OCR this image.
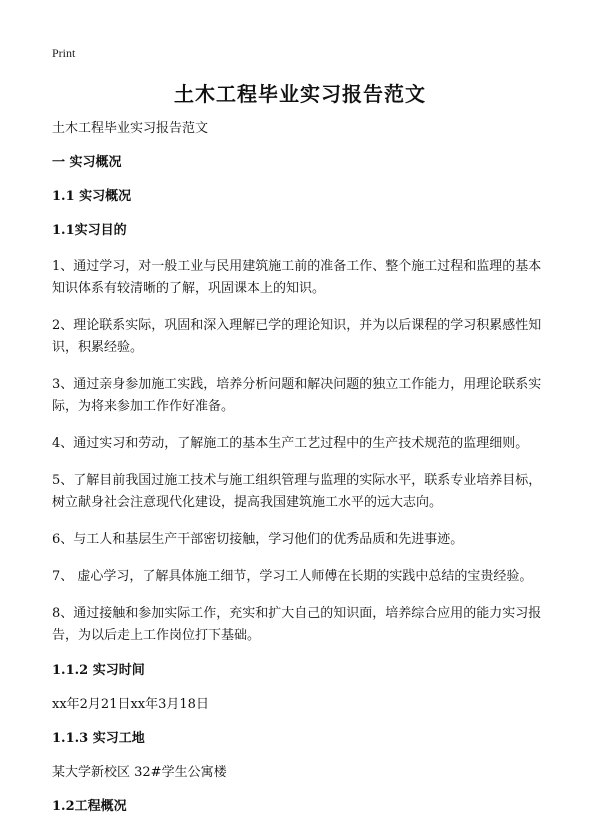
Print
土木工程毕业实习报告范文

土木工程毕业实习报告范文

一 实习概况

1.1 实习概况

1.1实习目的

1、通过学习，对一般工业与民用建筑施工前的准备工作、整个施工过程和监理的基本知识体系有较清晰的了解，巩固课本上的知识。

2、理论联系实际，巩固和深入理解已学的理论知识，并为以后课程的学习积累感性知识，积累经验。

3、通过亲身参加施工实践，培养分析问题和解决问题的独立工作能力，用理论联系实际，为将来参加工作作好准备。

4、通过实习和劳动，了解施工的基本生产工艺过程中的生产技术规范的监理细则。

5、了解目前我国过施工技术与施工组织管理与监理的实际水平，联系专业培养目标，树立献身社会注意现代化建设，提高我国建筑施工水平的远大志向。

6、与工人和基层生产干部密切接触，学习他们的优秀品质和先进事迹。

7、 虚心学习，了解具体施工细节，学习工人师傅在长期的实践中总结的宝贵经验。

8、通过接触和参加实际工作，充实和扩大自己的知识面，培养综合应用的能力实习报告，为以后走上工作岗位打下基础。

1.1.2 实习时间

xx年2月21日xx年3月18日

1.1.3 实习工地

某大学新校区 32#学生公寓楼

1.2工程概况
